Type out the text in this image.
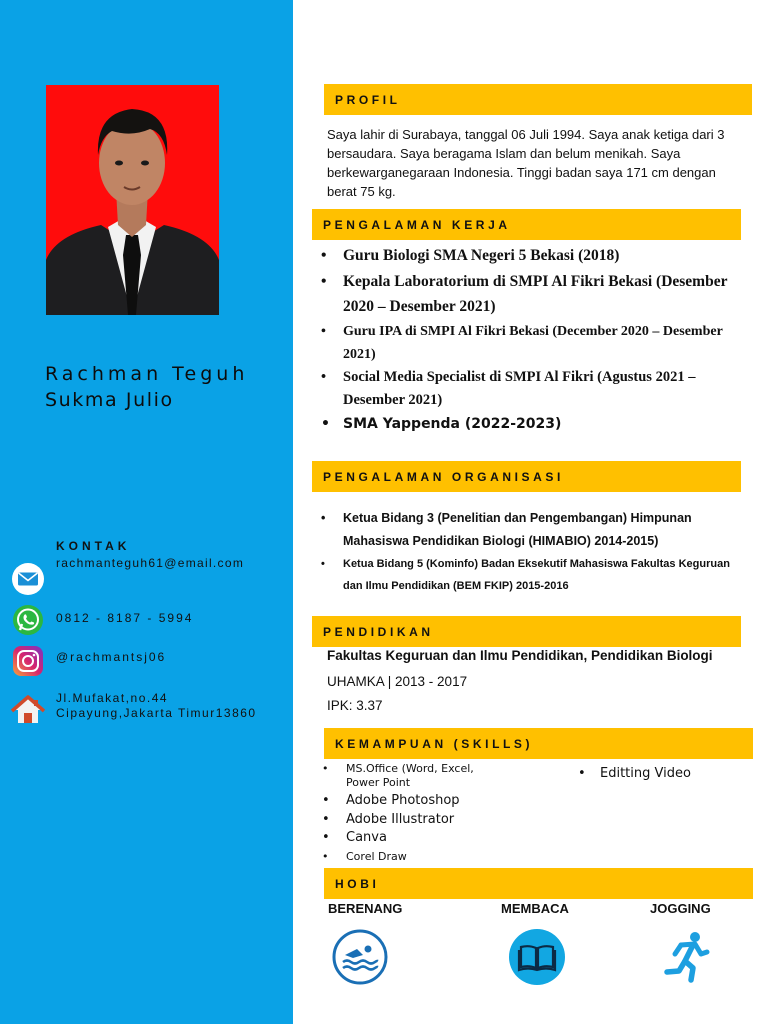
Rachman Teguh
Sukma Julio
KONTAK
rachmanteguh61@email.com
0812 - 8187 - 5994
@rachmantsj06
Jl.Mufakat,no.44
Cipayung,Jakarta Timur13860
PROFIL
Saya lahir di Surabaya, tanggal 06 Juli 1994. Saya anak ketiga dari 3 bersaudara. Saya beragama Islam dan belum menikah. Saya berkewarganegaraan Indonesia. Tinggi badan saya 171 cm dengan berat 75 kg.
PENGALAMAN KERJA
• Guru Biologi SMA Negeri 5 Bekasi (2018)
• Kepala Laboratorium di SMPI Al Fikri Bekasi (Desember 2020 – Desember 2021)
• Guru IPA di SMPI Al Fikri Bekasi (December 2020 – Desember 2021)
• Social Media Specialist di SMPI Al Fikri (Agustus 2021 – Desember 2021)
• SMA Yappenda (2022-2023)
PENGALAMAN ORGANISASI
• Ketua Bidang 3 (Penelitian dan Pengembangan) Himpunan Mahasiswa Pendidikan Biologi (HIMABIO) 2014-2015)
• Ketua Bidang 5 (Kominfo) Badan Eksekutif Mahasiswa Fakultas Keguruan dan Ilmu Pendidikan (BEM FKIP) 2015-2016
PENDIDIKAN
Fakultas Keguruan dan Ilmu Pendidikan, Pendidikan Biologi
UHAMKA | 2013 - 2017
IPK: 3.37
KEMAMPUAN (SKILLS)
• MS.Office (Word, Excel, Power Point
• Adobe Photoshop
• Adobe Illustrator
• Canva
• Corel Draw
• Editting Video
HOBI
BERENANG	MEMBACA	JOGGING
